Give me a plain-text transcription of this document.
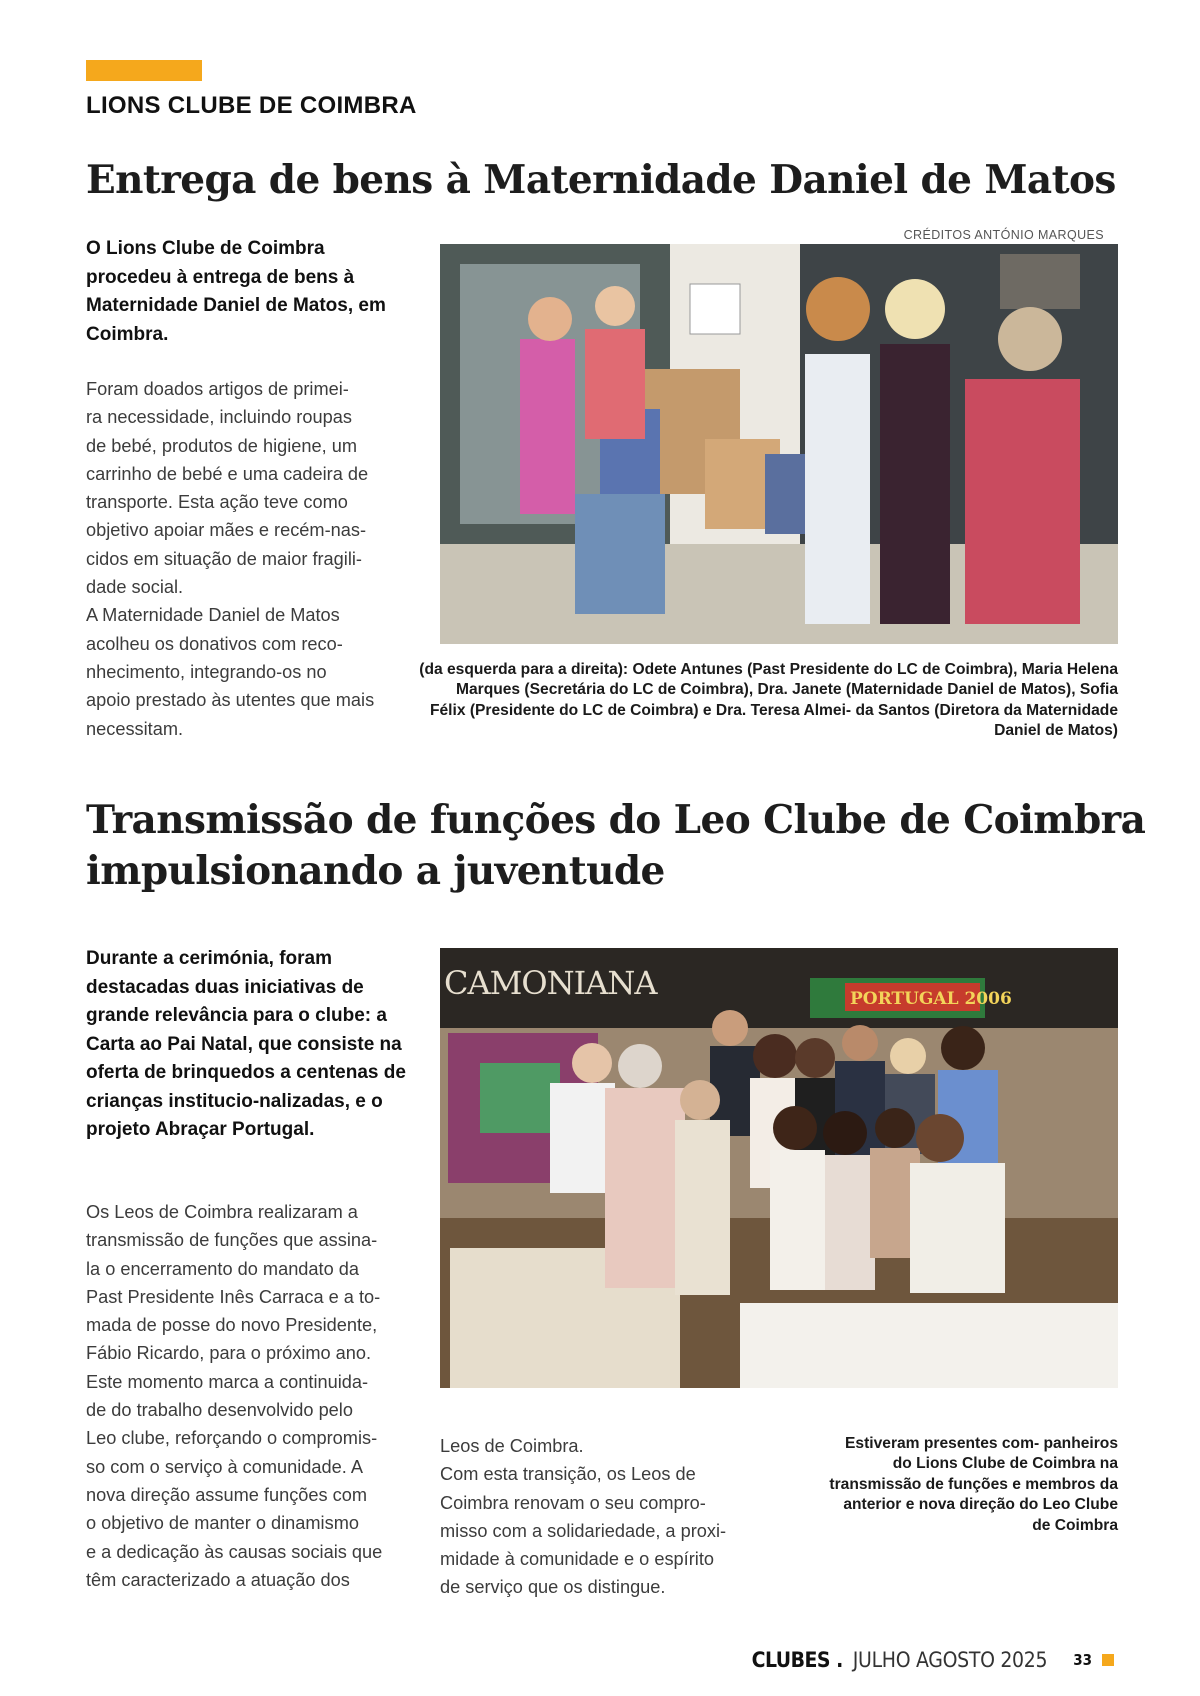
LIONS CLUBE DE COIMBRA
Entrega de bens à Maternidade Daniel de Matos

O Lions Clube de Coimbra procedeu à entrega de bens à Maternidade Daniel de Matos, em Coimbra.

Foram doados artigos de primei-
ra necessidade, incluindo roupas
de bebé, produtos de higiene, um
carrinho de bebé e uma cadeira de
transporte. Esta ação teve como
objetivo apoiar mães e recém-nas-
cidos em situação de maior fragili-
dade social.
A Maternidade Daniel de Matos
acolheu os donativos com reco-
nhecimento, integrando-os no
apoio prestado às utentes que mais
necessitam.

CRÉDITOS ANTÓNIO MARQUES

(da esquerda para a direita): Odete Antunes (Past Presidente do LC de Coimbra), Maria Helena Marques (Secretária do LC de Coimbra), Dra. Janete (Maternidade Daniel de Matos), Sofia Félix (Presidente do LC de Coimbra) e Dra. Teresa Almei- da Santos (Diretora da Maternidade Daniel de Matos)

Transmissão de funções do Leo Clube de Coimbra
impulsionando a juventude

Durante a cerimónia, foram destacadas duas iniciativas de grande relevância para o clube: a Carta ao Pai Natal, que consiste na oferta de brinquedos a centenas de crianças institucio-nalizadas, e o projeto Abraçar Portugal.

Os Leos de Coimbra realizaram a
transmissão de funções que assina-
la o encerramento do mandato da
Past Presidente Inês Carraca e a to-
mada de posse do novo Presidente,
Fábio Ricardo, para o próximo ano.
Este momento marca a continuida-
de do trabalho desenvolvido pelo
Leo clube, reforçando o compromis-
so com o serviço à comunidade. A
nova direção assume funções com
o objetivo de manter o dinamismo
e a dedicação às causas sociais que
têm caracterizado a atuação dos

CAMONIANA	PORTUGAL 2006

Leos de Coimbra.
Com esta transição, os Leos de
Coimbra renovam o seu compro-
misso com a solidariedade, a proxi-
midade à comunidade e o espírito
de serviço que os distingue.

Estiveram presentes com- panheiros do Lions Clube de Coimbra na transmissão de funções e membros da anterior e nova direção do Leo Clube de Coimbra

CLUBES . JULHO AGOSTO 2025 33
